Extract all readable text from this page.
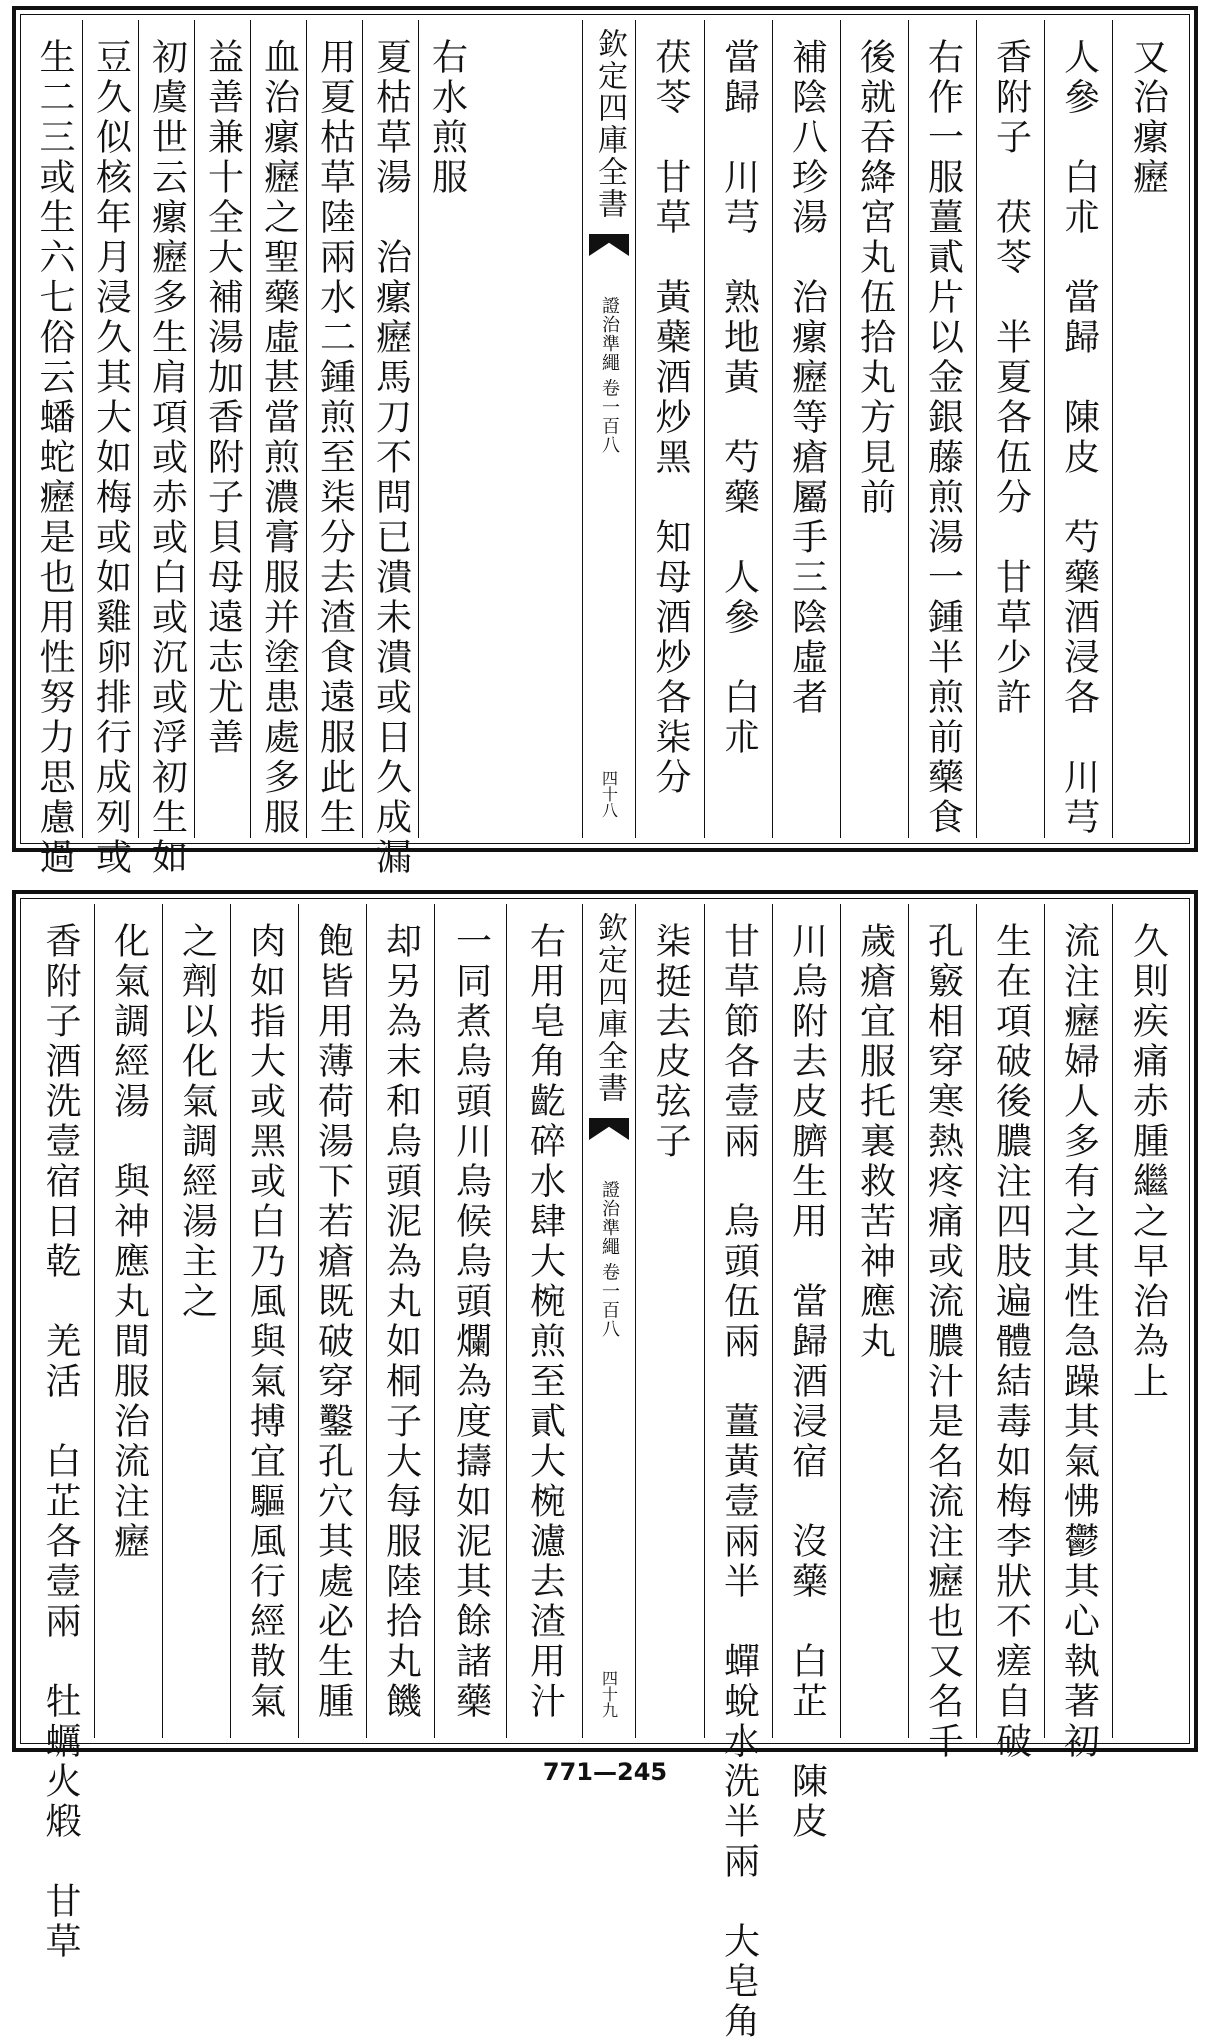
生二三或生六七俗云蟠蛇癧是也用性努力思慮過 豆久似核年月浸久其大如梅或如雞卵排行成列或 初虞世云瘰癧多生肩項或赤或白或沉或浮初生如 益善兼十全大補湯加香附子貝母遠志尤善 血治瘰癧之聖藥虛甚當煎濃膏服并塗患處多服 用夏枯草陸兩水二鍾煎至柒分去渣食遠服此生 夏枯草湯　治瘰癧馬刀不問已潰未潰或日久成漏 右水煎服	欽定四庫全書
證治準繩 卷一百八
四十八 茯苓　甘草　黃蘗酒炒黑　知母酒炒各柒分 當歸　川芎　熟地黃　芍藥　人參　白朮 補陰八珍湯　治瘰癧等瘡屬手三陰虛者 後就吞絳宮丸伍拾丸方見前 右作一服薑貳片以金銀藤煎湯一鍾半煎前藥食 香附子　茯苓　半夏各伍分　甘草少許 人參　白朮　當歸　陳皮　芍藥酒浸各　川芎 又治瘰癧
香附子酒洗壹宿日乾　羌活　白芷各壹兩　牡蠣火煅　甘草 化氣調經湯　與神應丸間服治流注癧 之劑以化氣調經湯主之 肉如指大或黑或白乃風與氣搏宜驅風行經散氣 飽皆用薄荷湯下若瘡既破穿鑿孔穴其處必生腫 却另為末和烏頭泥為丸如桐子大每服陸拾丸饑 一同煮烏頭川烏候烏頭爛為度擣如泥其餘諸藥 右用皂角齕碎水肆大椀煎至貳大椀濾去渣用汁 欽定四庫全書
證治準繩 卷一百八
四十九
柒挺去皮弦子 甘草節各壹兩　烏頭伍兩　薑黃壹兩半　蟬蛻水洗半兩　大皂角 川烏附去皮臍生用　當歸酒浸宿　沒藥　白芷　陳皮 歲瘡宜服托裏救苦神應丸 孔竅相穿寒熱疼痛或流膿汁是名流注癧也又名千 生在項破後膿注四肢遍體結毒如梅李狀不瘥自破 流注癧婦人多有之其性急躁其氣怫鬱其心執著初 久則疾痛赤腫繼之早治為上
771—245
